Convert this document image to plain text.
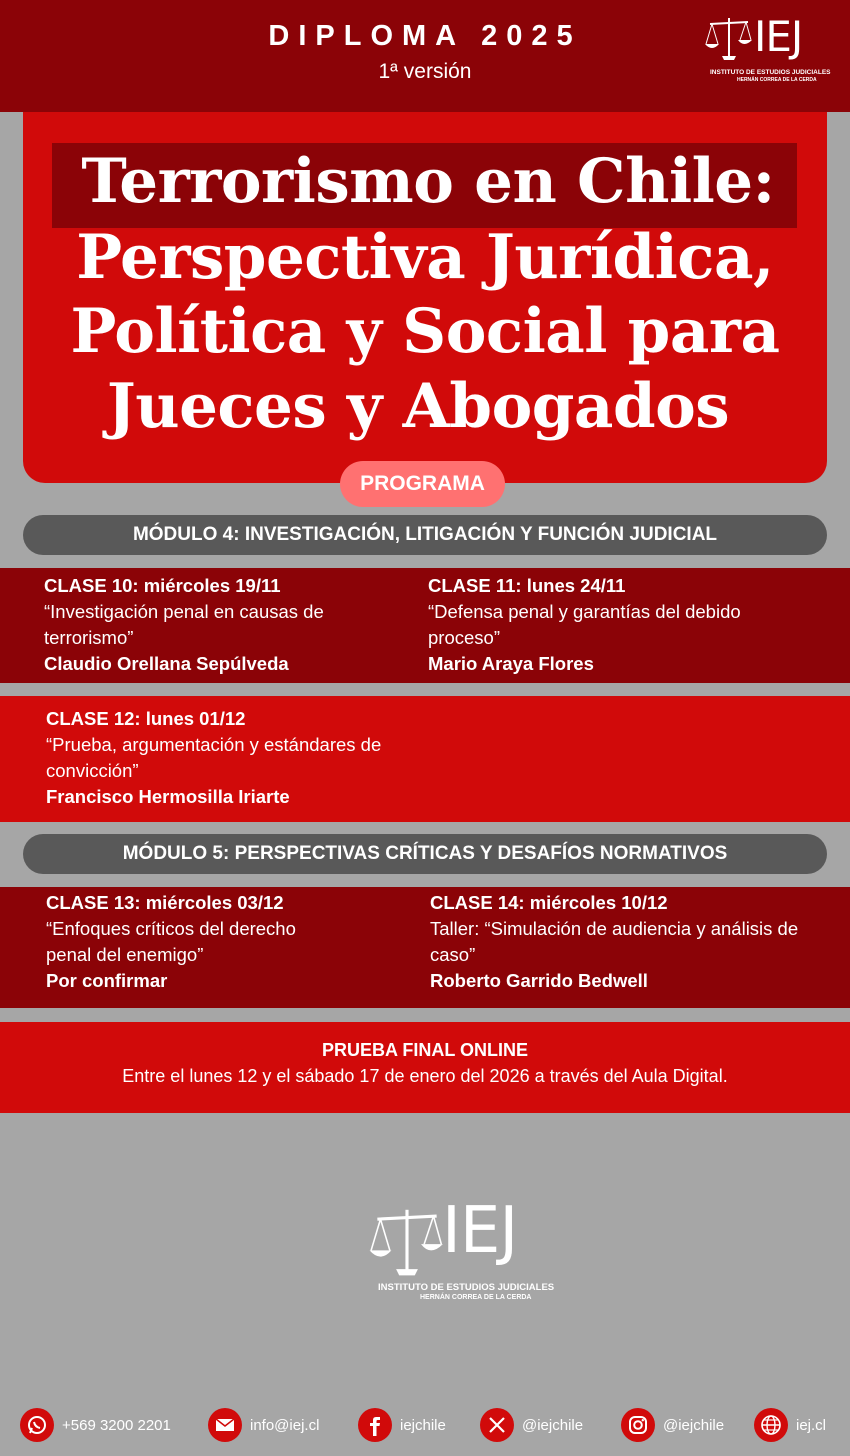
DIPLOMA 2025
1ª versión
IEJ
INSTITUTO DE ESTUDIOS JUDICIALES
HERNÁN CORREA DE LA CERDA
Terrorismo en Chile:
Perspectiva Jurídica,
Política y Social para
Jueces y Abogados
PROGRAMA
MÓDULO 4: INVESTIGACIÓN, LITIGACIÓN Y FUNCIÓN JUDICIAL
CLASE 10: miércoles 19/11
“Investigación penal en causas de terrorismo”
Claudio Orellana Sepúlveda
CLASE 11: lunes 24/11
“Defensa penal y garantías del debido proceso”
Mario Araya Flores
CLASE 12: lunes 01/12
“Prueba, argumentación y estándares de convicción”
Francisco Hermosilla Iriarte
MÓDULO 5: PERSPECTIVAS CRÍTICAS Y DESAFÍOS NORMATIVOS
CLASE 13: miércoles 03/12
“Enfoques críticos del derecho penal del enemigo”
Por confirmar
CLASE 14: miércoles 10/12
Taller: “Simulación de audiencia y análisis de caso”
Roberto Garrido Bedwell
PRUEBA FINAL ONLINE
Entre el lunes 12 y el sábado 17 de enero del 2026 a través del Aula Digital.
IEJ
INSTITUTO DE ESTUDIOS JUDICIALES
HERNÁN CORREA DE LA CERDA
+569 3200 2201	info@iej.cl	iejchile	@iejchile	@iejchile	iej.cl
